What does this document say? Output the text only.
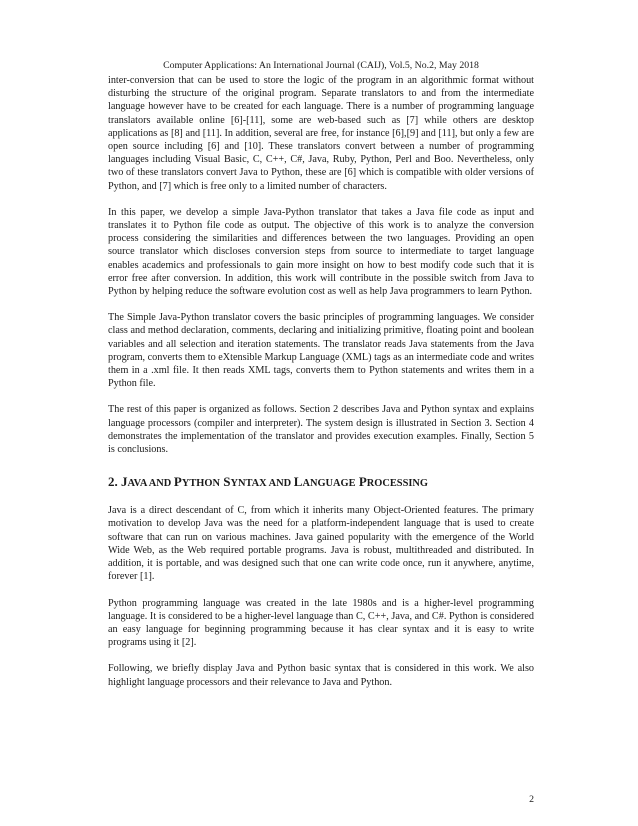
Computer Applications: An International Journal (CAIJ), Vol.5, No.2, May 2018

inter-conversion that can be used to store the logic of the program in an algorithmic format without disturbing the structure of the original program. Separate translators to and from the intermediate language however have to be created for each language. There is a number of programming language translators available online [6]-[11], some are web-based such as [7] while others are desktop applications as [8] and [11]. In addition, several are free, for instance [6],[9] and [11], but only a few are open source including [6] and [10]. These translators convert between a number of programming languages including Visual Basic, C, C++, C#, Java, Ruby, Python, Perl and Boo. Nevertheless, only two of these translators convert Java to Python, these are [6] which is compatible with older versions of Python, and [7] which is free only to a limited number of characters.

In this paper, we develop a simple Java-Python translator that takes a Java file code as input and translates it to Python file code as output. The objective of this work is to analyze the conversion process considering the similarities and differences between the two languages. Providing an open source translator which discloses conversion steps from source to intermediate to target language enables academics and professionals to gain more insight on how to best modify code such that it is error free after conversion. In addition, this work will contribute in the possible switch from Java to Python by helping reduce the software evolution cost as well as help Java programmers to learn Python.

The Simple Java-Python translator covers the basic principles of programming languages. We consider class and method declaration, comments, declaring and initializing primitive, floating point and boolean variables and all selection and iteration statements. The translator reads Java statements from the Java program, converts them to eXtensible Markup Language (XML) tags as an intermediate code and writes them in a .xml file. It then reads XML tags, converts them to Python statements and writes them in a Python file.

The rest of this paper is organized as follows. Section 2 describes Java and Python syntax and explains language processors (compiler and interpreter). The system design is illustrated in Section 3. Section 4 demonstrates the implementation of the translator and provides execution examples. Finally, Section 5 is conclusions.

2. JAVA AND PYTHON SYNTAX AND LANGUAGE PROCESSING

Java is a direct descendant of C, from which it inherits many Object-Oriented features. The primary motivation to develop Java was the need for a platform-independent language that is used to create software that can run on various machines. Java gained popularity with the emergence of the World Wide Web, as the Web required portable programs. Java is robust, multithreaded and distributed. In addition, it is portable, and was designed such that one can write code once, run it anywhere, anytime, forever [1].

Python programming language was created in the late 1980s and is a higher-level programming language. It is considered to be a higher-level language than C, C++, Java, and C#. Python is considered an easy language for beginning programming because it has clear syntax and it is easy to write programs using it [2].

Following, we briefly display Java and Python basic syntax that is considered in this work. We also highlight language processors and their relevance to Java and Python.

2
